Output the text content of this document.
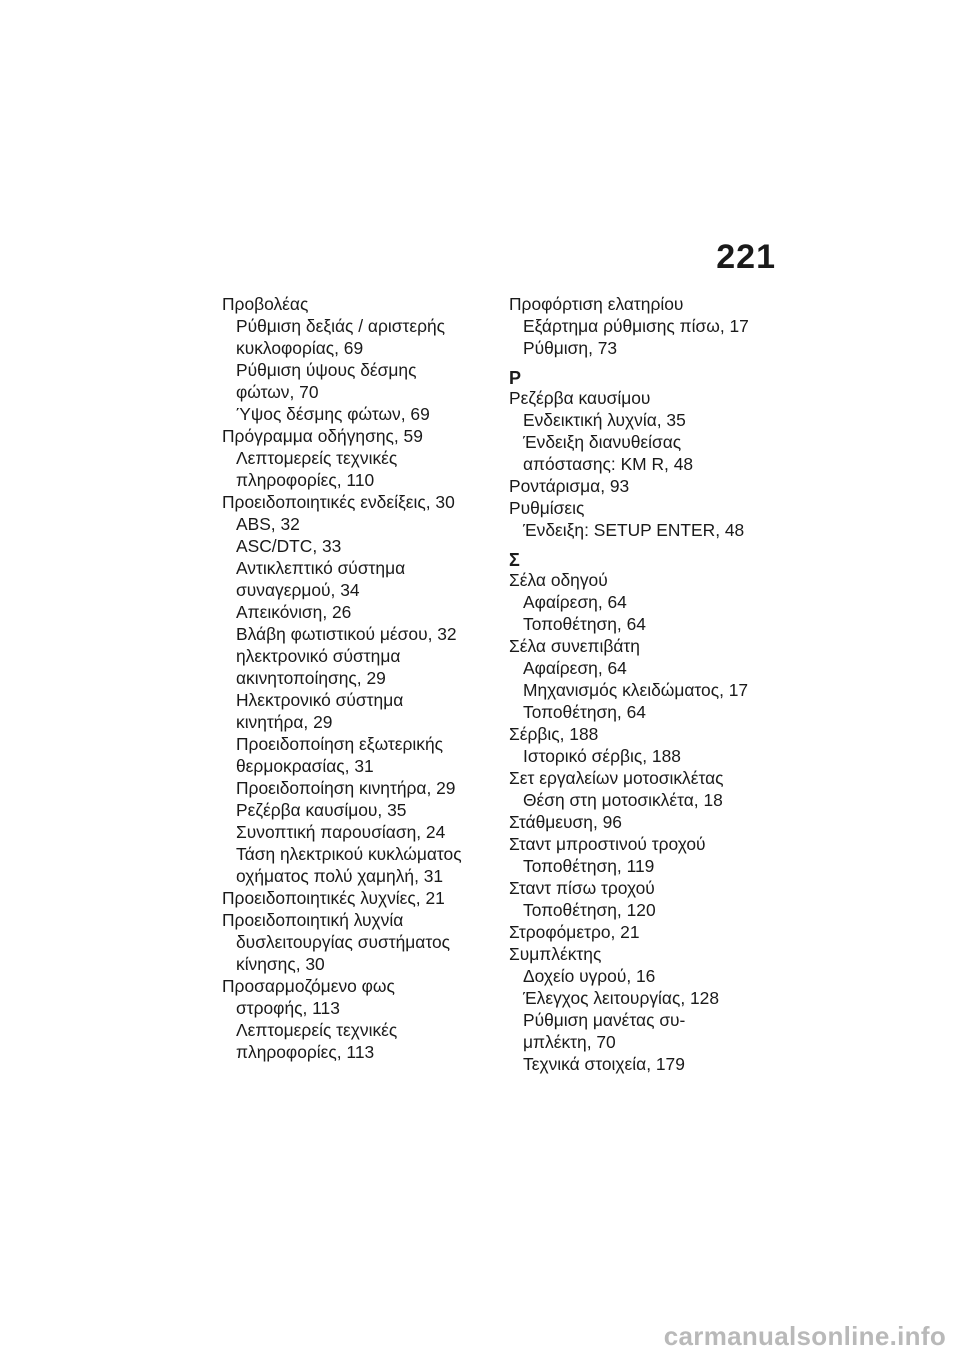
221
Προβολέας
Ρύθμιση δεξιάς / αριστερής
κυκλοφορίας, 69
Ρύθμιση ύψους δέσμης
φώτων, 70
Ύψος δέσμης φώτων, 69
Πρόγραμμα οδήγησης, 59
Λεπτομερείς τεχνικές
πληροφορίες, 110
Προειδοποιητικές ενδείξεις, 30
ABS, 32
ASC/DTC, 33
Αντικλεπτικό σύστημα
συναγερμού, 34
Απεικόνιση, 26
Βλάβη φωτιστικού μέσου, 32
ηλεκτρονικό σύστημα
ακινητοποίησης, 29
Ηλεκτρονικό σύστημα
κινητήρα, 29
Προειδοποίηση εξωτερικής
θερμοκρασίας, 31
Προειδοποίηση κινητήρα, 29
Ρεζέρβα καυσίμου, 35
Συνοπτική παρουσίαση, 24
Τάση ηλεκτρικού κυκλώματος
οχήματος πολύ χαμηλή, 31
Προειδοποιητικές λυχνίες, 21
Προειδοποιητική λυχνία
δυσλειτουργίας συστήματος
κίνησης, 30
Προσαρμοζόμενο φως
στροφής, 113
Λεπτομερείς τεχνικές
πληροφορίες, 113
Προφόρτιση ελατηρίου
Εξάρτημα ρύθμισης πίσω, 17
Ρύθμιση, 73
Ρ
Ρεζέρβα καυσίμου
Ενδεικτική λυχνία, 35
Ένδειξη διανυθείσας
απόστασης: KM R, 48
Ροντάρισμα, 93
Ρυθμίσεις
Ένδειξη: SETUP ENTER, 48
Σ
Σέλα οδηγού
Αφαίρεση, 64
Τοποθέτηση, 64
Σέλα συνεπιβάτη
Αφαίρεση, 64
Μηχανισμός κλειδώματος, 17
Τοποθέτηση, 64
Σέρβις, 188
Ιστορικό σέρβις, 188
Σετ εργαλείων μοτοσικλέτας
Θέση στη μοτοσικλέτα, 18
Στάθμευση, 96
Σταντ μπροστινού τροχού
Τοποθέτηση, 119
Σταντ πίσω τροχού
Τοποθέτηση, 120
Στροφόμετρο, 21
Συμπλέκτης
Δοχείο υγρού, 16
Έλεγχος λειτουργίας, 128
Ρύθμιση μανέτας συ-
μπλέκτη, 70
Τεχνικά στοιχεία, 179
carmanualsonline.info
